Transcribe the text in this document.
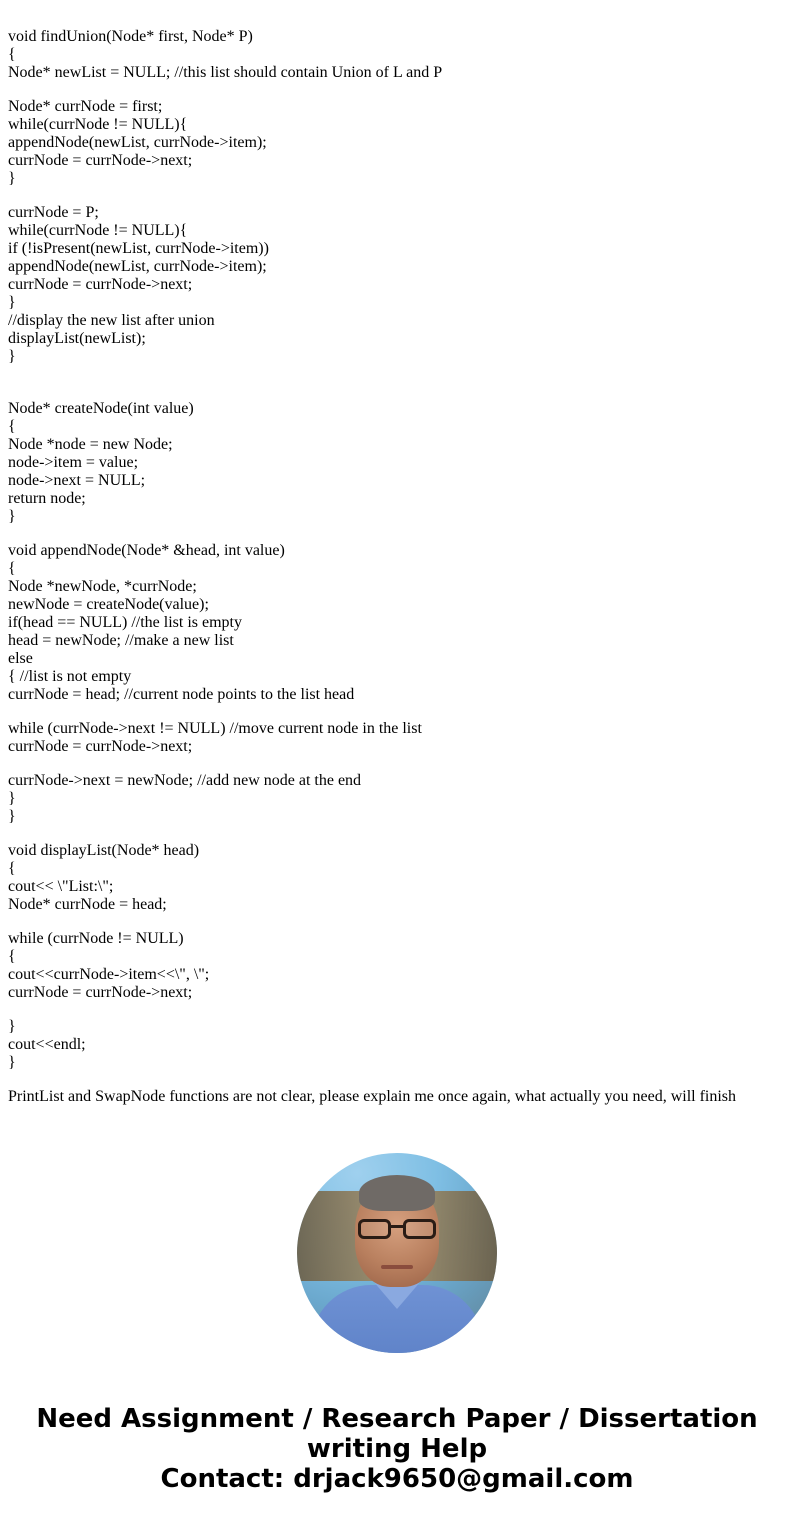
void findUnion(Node* first, Node* P)
{
Node* newList = NULL; //this list should contain Union of L and P
Node* currNode = first;
while(currNode != NULL){
appendNode(newList, currNode->item);
currNode = currNode->next;
}
currNode = P;
while(currNode != NULL){
if (!isPresent(newList, currNode->item))
appendNode(newList, currNode->item);
currNode = currNode->next;
}
//display the new list after union
displayList(newList);
}
Node* createNode(int value)
{
Node *node = new Node;
node->item = value;
node->next = NULL;
return node;
}
void appendNode(Node* &head, int value)
{
Node *newNode, *currNode;
newNode = createNode(value);
if(head == NULL) //the list is empty
head = newNode; //make a new list
else
{ //list is not empty
currNode = head; //current node points to the list head
while (currNode->next != NULL) //move current node in the list
currNode = currNode->next;
currNode->next = newNode; //add new node at the end
}
}
void displayList(Node* head)
{
cout<< \"List:\";
Node* currNode = head;
while (currNode != NULL)
{
cout<<currNode->item<<\", \";
currNode = currNode->next;
}
cout<<endl;
}
PrintList and SwapNode functions are not clear, please explain me once again, what actually you need, will finish
Need Assignment / Research Paper / Dissertation
writing Help
Contact: drjack9650@gmail.com
